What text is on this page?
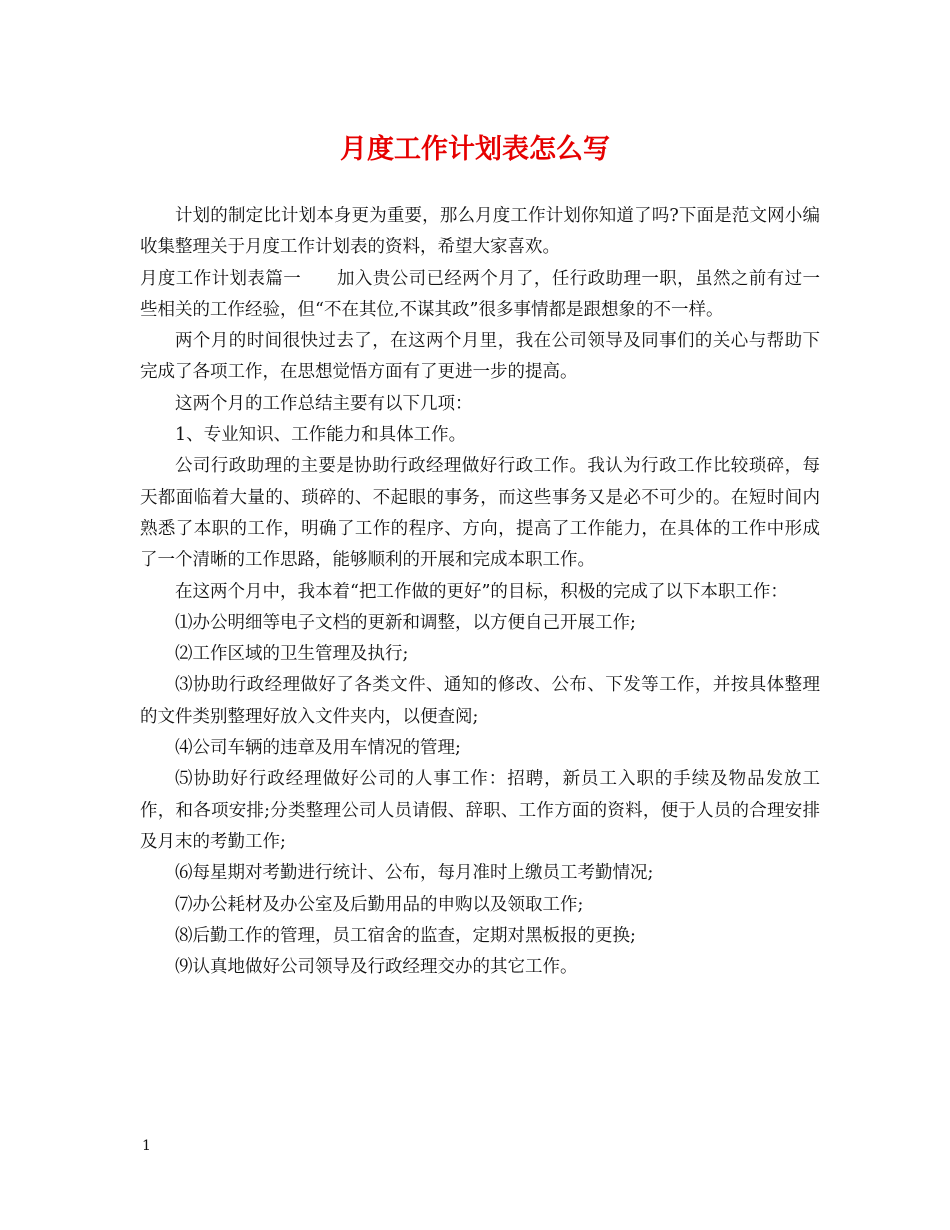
月度工作计划表怎么写

计划的制定比计划本身更为重要，那么月度工作计划你知道了吗?下面是范文网小编收集整理关于月度工作计划表的资料，希望大家喜欢。

月度工作计划表篇一　　加入贵公司已经两个月了，任行政助理一职，虽然之前有过一些相关的工作经验，但“不在其位,不谋其政”很多事情都是跟想象的不一样。

两个月的时间很快过去了，在这两个月里，我在公司领导及同事们的关心与帮助下完成了各项工作，在思想觉悟方面有了更进一步的提高。

这两个月的工作总结主要有以下几项：

1、专业知识、工作能力和具体工作。

公司行政助理的主要是协助行政经理做好行政工作。我认为行政工作比较琐碎，每天都面临着大量的、琐碎的、不起眼的事务，而这些事务又是必不可少的。在短时间内熟悉了本职的工作，明确了工作的程序、方向，提高了工作能力，在具体的工作中形成了一个清晰的工作思路，能够顺利的开展和完成本职工作。

在这两个月中，我本着“把工作做的更好”的目标，积极的完成了以下本职工作：

⑴办公明细等电子文档的更新和调整，以方便自己开展工作;

⑵工作区域的卫生管理及执行;

⑶协助行政经理做好了各类文件、通知的修改、公布、下发等工作，并按具体整理的文件类别整理好放入文件夹内，以便查阅;

⑷公司车辆的违章及用车情况的管理;

⑸协助好行政经理做好公司的人事工作：招聘，新员工入职的手续及物品发放工作，和各项安排;分类整理公司人员请假、辞职、工作方面的资料，便于人员的合理安排及月末的考勤工作;

⑹每星期对考勤进行统计、公布，每月准时上缴员工考勤情况;

⑺办公耗材及办公室及后勤用品的申购以及领取工作;

⑻后勤工作的管理，员工宿舍的监查，定期对黑板报的更换;

⑼认真地做好公司领导及行政经理交办的其它工作。

1
